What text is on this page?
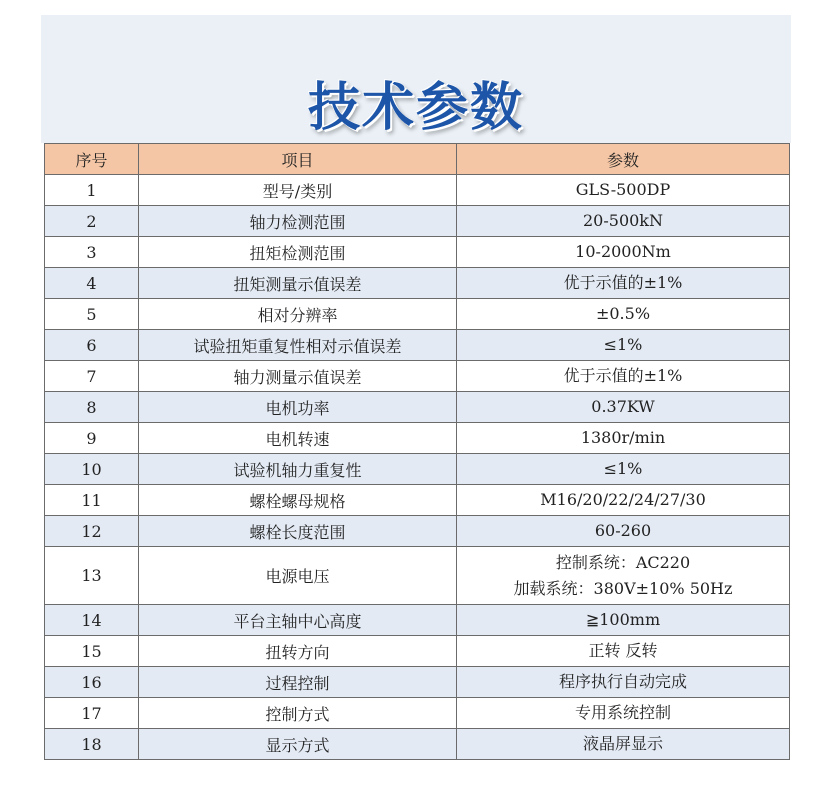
技术参数
序号	项目	参数
1	型号/类别	GLS-500DP

2	轴力检测范围	20-500kN

3	扭矩检测范围	10-2000Nm

4	扭矩测量示值误差	优于示值的±1%

5	相对分辨率	±0.5%

6	试验扭矩重复性相对示值误差	≤1%

7	轴力测量示值误差	优于示值的±1%

8	电机功率	0.37KW

9	电机转速	1380r/min

10	试验机轴力重复性	≤1%

11	螺栓螺母规格	M16/20/22/24/27/30

12	螺栓长度范围	60-260

13	电源电压	控制系统：AC220
加载系统：380V±10% 50Hz

14	平台主轴中心高度	≧100mm

15	扭转方向	正转 反转

16	过程控制	程序执行自动完成

17	控制方式	专用系统控制

18	显示方式	液晶屏显示
